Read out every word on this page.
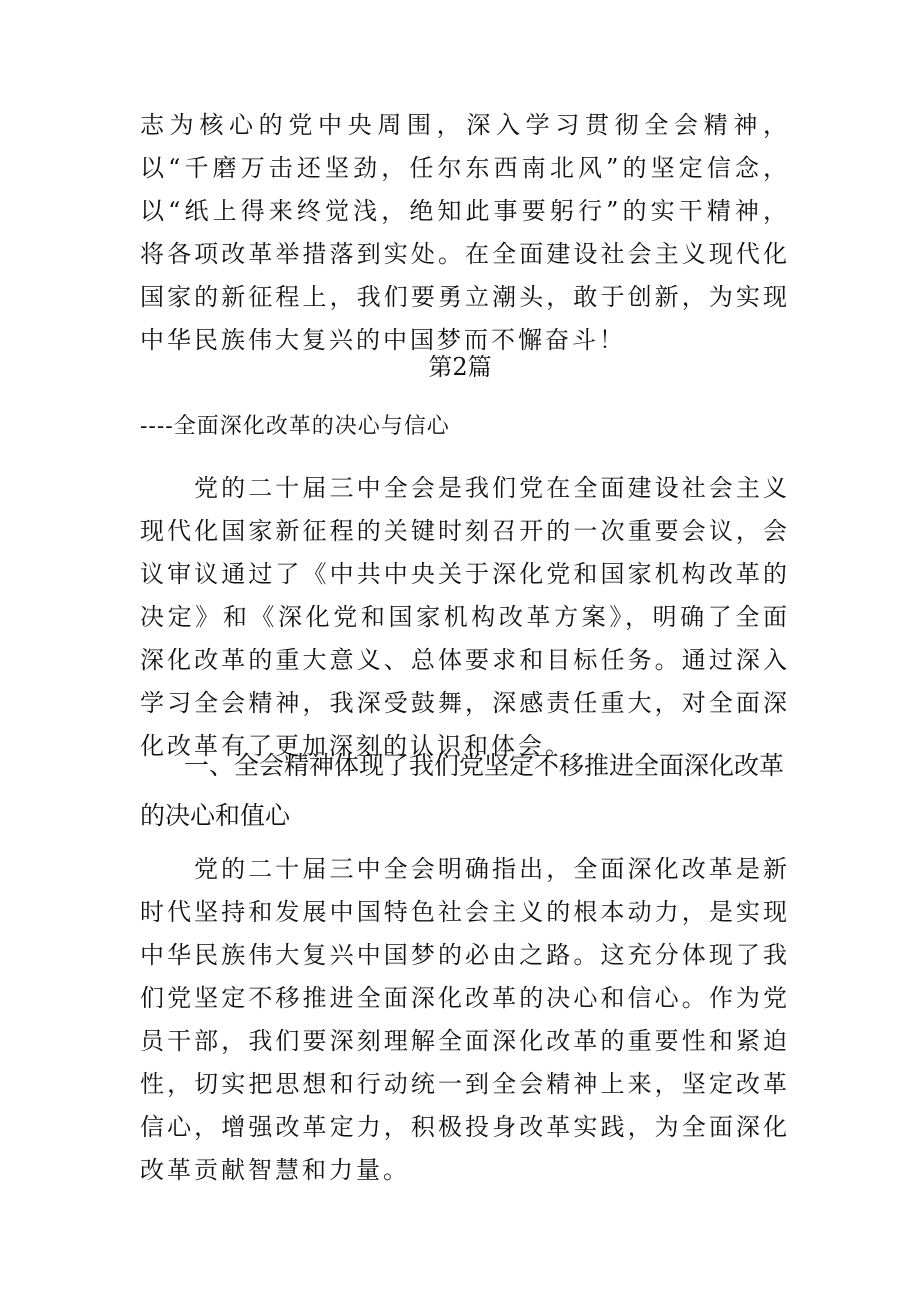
志为核心的党中央周围，深入学习贯彻全会精神，以“千磨万击还坚劲，任尔东西南北风”的坚定信念，以“纸上得来终觉浅，绝知此事要躬行”的实干精神，将各项改革举措落到实处。在全面建设社会主义现代化国家的新征程上，我们要勇立潮头，敢于创新，为实现中华民族伟大复兴的中国梦而不懈奋斗！

第2篇

----全面深化改革的决心与信心

党的二十届三中全会是我们党在全面建设社会主义现代化国家新征程的关键时刻召开的一次重要会议，会议审议通过了《中共中央关于深化党和国家机构改革的决定》和《深化党和国家机构改革方案》，明确了全面深化改革的重大意义、总体要求和目标任务。通过深入学习全会精神，我深受鼓舞，深感责任重大，对全面深化改革有了更加深刻的认识和体会。

一、全会精神体现了我们党坚定不移推进全面深化改革的决心和值心

党的二十届三中全会明确指出，全面深化改革是新时代坚持和发展中国特色社会主义的根本动力，是实现中华民族伟大复兴中国梦的必由之路。这充分体现了我们党坚定不移推进全面深化改革的决心和信心。作为党员干部，我们要深刻理解全面深化改革的重要性和紧迫性，切实把思想和行动统一到全会精神上来，坚定改革信心，增强改革定力，积极投身改革实践，为全面深化改革贡献智慧和力量。
